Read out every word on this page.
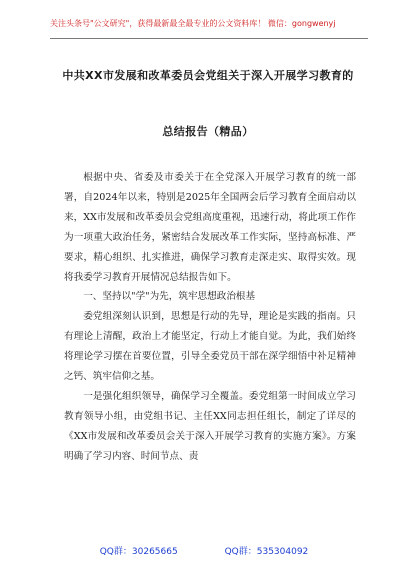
关注头条号"公文研究"，获得最新最全最专业的公文资料库！ 微信：gongwenyj
中共XX市发展和改革委员会党组关于深入开展学习教育的
总结报告（精品）

根据中央、省委及市委关于在全党深入开展学习教育的统一部署，自2024年以来，特别是2025年全国两会后学习教育全面启动以来，XX市发展和改革委员会党组高度重视，迅速行动，将此项工作作为一项重大政治任务，紧密结合发展改革工作实际，坚持高标准、严要求，精心组织、扎实推进，确保学习教育走深走实、取得实效。现将我委学习教育开展情况总结报告如下。

一、坚持以"学"为先，筑牢思想政治根基

委党组深刻认识到，思想是行动的先导，理论是实践的指南。只有理论上清醒，政治上才能坚定，行动上才能自觉。为此，我们始终将理论学习摆在首要位置，引导全委党员干部在深学细悟中补足精神之钙、筑牢信仰之基。

一是强化组织领导，确保学习全覆盖。委党组第一时间成立学习教育领导小组，由党组书记、主任XX同志担任组长，制定了详尽的《XX市发展和改革委员会关于深入开展学习教育的实施方案》。方案明确了学习内容、时间节点、责

QQ群：30265665	QQ群：535304092
